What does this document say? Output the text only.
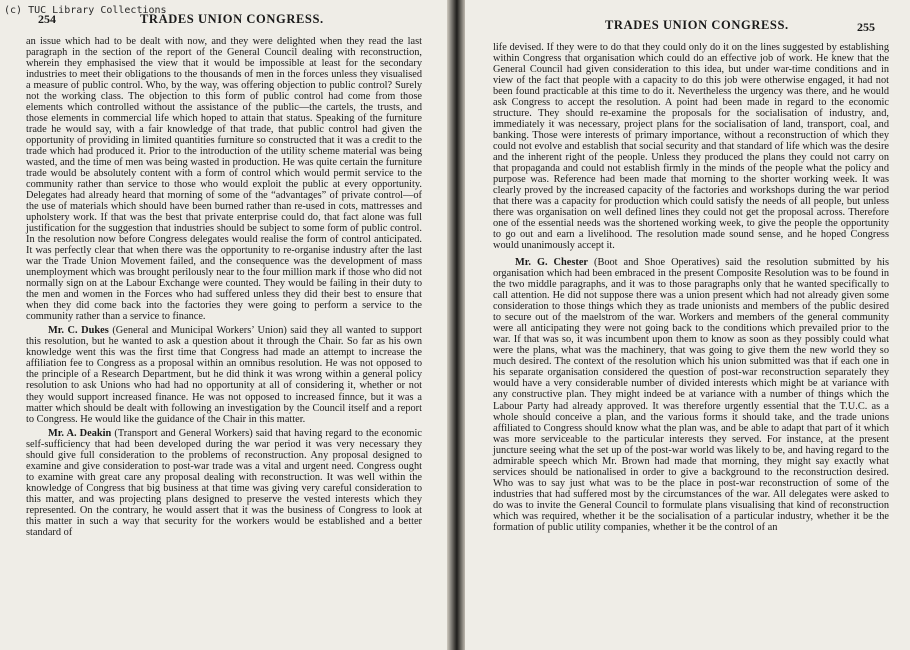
(c) TUC Library Collections
254	TRADES UNION CONGRESS.

an issue which had to be dealt with now, and they were delighted when they read the last paragraph in the section of the report of the General Council dealing with reconstruction, wherein they emphasised the view that it would be impossible at least for the secondary industries to meet their obligations to the thousands of men in the forces unless they visualised a measure of public control. Who, by the way, was offering objection to public control? Surely not the working class. The objection to this form of public control had come from those elements which controlled without the assistance of the public—the cartels, the trusts, and those elements in commercial life which hoped to attain that status. Speaking of the furniture trade he would say, with a fair knowledge of that trade, that public control had given the opportunity of providing in limited quantities furniture so constructed that it was a credit to the trade which had produced it. Prior to the introduction of the utility scheme material was being wasted, and the time of men was being wasted in production. He was quite certain the furniture trade would be absolutely content with a form of control which would permit service to the community rather than service to those who would exploit the public at every opportunity. Delegates had already heard that morning of some of the “advantages” of private control—of the use of materials which should have been burned rather than re-used in cots, mattresses and upholstery work. If that was the best that private enterprise could do, that fact alone was full justification for the suggestion that industries should be subject to some form of public control. In the resolution now before Congress delegates would realise the form of control anticipated. It was perfectly clear that when there was the opportunity to re-organise industry after the last war the Trade Union Movement failed, and the consequence was the development of mass unemployment which was brought perilously near to the four million mark if those who did not normally sign on at the Labour Exchange were counted. They would be failing in their duty to the men and women in the Forces who had suffered unless they did their best to ensure that when they did come back into the factories they were going to perform a service to the community rather than a service to finance.

Mr. C. Dukes (General and Municipal Workers’ Union) said they all wanted to support this resolution, but he wanted to ask a question about it through the Chair. So far as his own knowledge went this was the first time that Congress had made an attempt to increase the affiliation fee to Congress as a proposal within an omnibus resolution. He was not opposed to the principle of a Research Department, but he did think it was wrong within a general policy resolution to ask Unions who had had no opportunity at all of considering it, whether or not they would support increased finance. He was not opposed to increased finnce, but it was a matter which should be dealt with following an investigation by the Council itself and a report to Congress. He would like the guidance of the Chair in this matter.

Mr. A. Deakin (Transport and General Workers) said that having regard to the economic self-sufficiency that had been developed during the war period it was very necessary they should give full consideration to the problems of reconstruction. Any proposal designed to examine and give consideration to post-war trade was a vital and urgent need. Congress ought to examine with great care any proposal dealing with reconstruction. It was well within the knowledge of Congress that big business at that time was giving very careful consideration to this matter, and was projecting plans designed to preserve the vested interests which they represented. On the contrary, he would assert that it was the business of Congress to look at this matter in such a way that security for the workers would be established and a better standard of

TRADES UNION CONGRESS.	255

life devised. If they were to do that they could only do it on the lines suggested by establishing within Congress that organisation which could do an effective job of work. He knew that the General Council had given consideration to this idea, but under war-time conditions and in view of the fact that people with a capacity to do this job were otherwise engaged, it had not been found practicable at this time to do it. Nevertheless the urgency was there, and he would ask Congress to accept the resolution. A point had been made in regard to the economic structure. They should re-examine the proposals for the socialisation of industry, and, immediately it was necessary, project plans for the socialisation of land, transport, coal, and banking. Those were interests of primary importance, without a reconstruction of which they could not evolve and establish that social security and that standard of life which was the desire and the inherent right of the people. Unless they produced the plans they could not carry on that propaganda and could not establish firmly in the minds of the people what the policy and purpose was. Reference had been made that morning to the shorter working week. It was clearly proved by the increased capacity of the factories and workshops during the war period that there was a capacity for production which could satisfy the needs of all people, but unless there was organisation on well defined lines they could not get the proposal across. Therefore one of the essential needs was the shortened working week, to give the people the opportunity to go out and earn a livelihood. The resolution made sound sense, and he hoped Congress would unanimously accept it.

Mr. G. Chester (Boot and Shoe Operatives) said the resolution submitted by his organisation which had been embraced in the present Composite Resolution was to be found in the two middle paragraphs, and it was to those paragraphs only that he wanted specifically to call attention. He did not suppose there was a union present which had not already given some consideration to those things which they as trade unionists and members of the public desired to secure out of the maelstrom of the war. Workers and members of the general community were all anticipating they were not going back to the conditions which prevailed prior to the war. If that was so, it was incumbent upon them to know as soon as they possibly could what were the plans, what was the machinery, that was going to give them the new world they so much desired. The context of the resolution which his union submitted was that if each one in his separate organisation considered the question of post-war reconstruction separately they would have a very considerable number of divided interests which might be at variance with any constructive plan. They might indeed be at variance with a number of things which the Labour Party had already approved. It was therefore urgently essential that the T.U.C. as a whole should conceive a plan, and the various forms it should take, and the trade unions affiliated to Congress should know what the plan was, and be able to adapt that part of it which was more serviceable to the particular interests they served. For instance, at the present juncture seeing what the set up of the post-war world was likely to be, and having regard to the admirable speech which Mr. Brown had made that morning, they might say exactly what services should be nationalised in order to give a background to the reconstruction desired. Who was to say just what was to be the place in post-war reconstruction of some of the industries that had suffered most by the circumstances of the war. All delegates were asked to do was to invite the General Council to formulate plans visualising that kind of reconstruction which was required, whether it be the socialisation of a particular industry, whether it be the formation of public utility companies, whether it be the control of an
